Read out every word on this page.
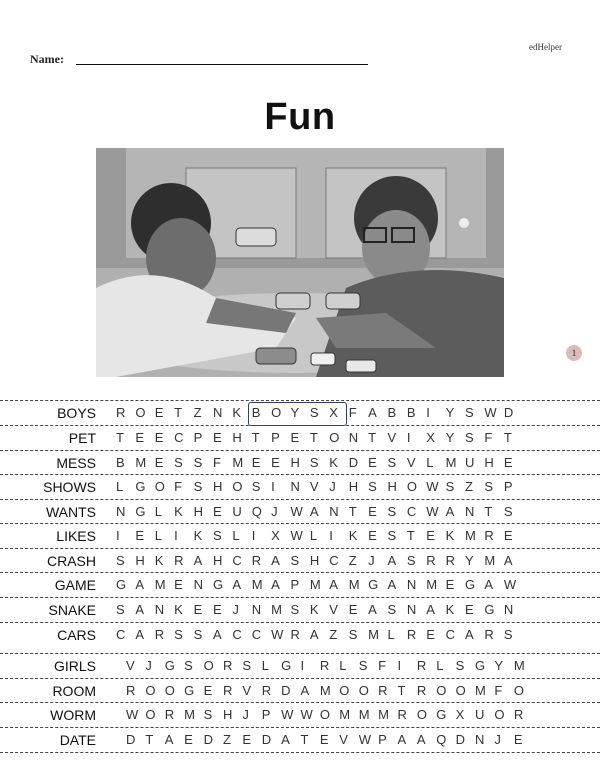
edHelper
Name:
Fun
1
BOYS R O E T Z N K B O Y S X F A B B I Y S W D
PET T E E C P E H T P E T O N T V I X Y S F T
MESS B M E S S F M E E H S K D E S V L M U H E
SHOWS L G O F S H O S I N V J H S H O W S Z S P
WANTS N G L K H E U Q J W A N T E S C W A N T S
LIKES I E L I K S L I X W L I K E S T E K M R E
CRASH S H K R A H C R A S H C Z J A S R R Y M A
GAME G A M E N G A M A P M A M G A N M E G A W
SNAKE S A N K E E J N M S K V E A S N A K E G N
CARS C A R S S A C C W R A Z S M L R E C A R S
GIRLS V J G S O R S L G I R L S F I R L S G Y M
ROOM R O O G E R V R D A M O O R T R O O M F O
WORM W O R M S H J P W W O M M M R O G X U O R
DATE D T A E D Z E D A T E V W P A A Q D N J E
